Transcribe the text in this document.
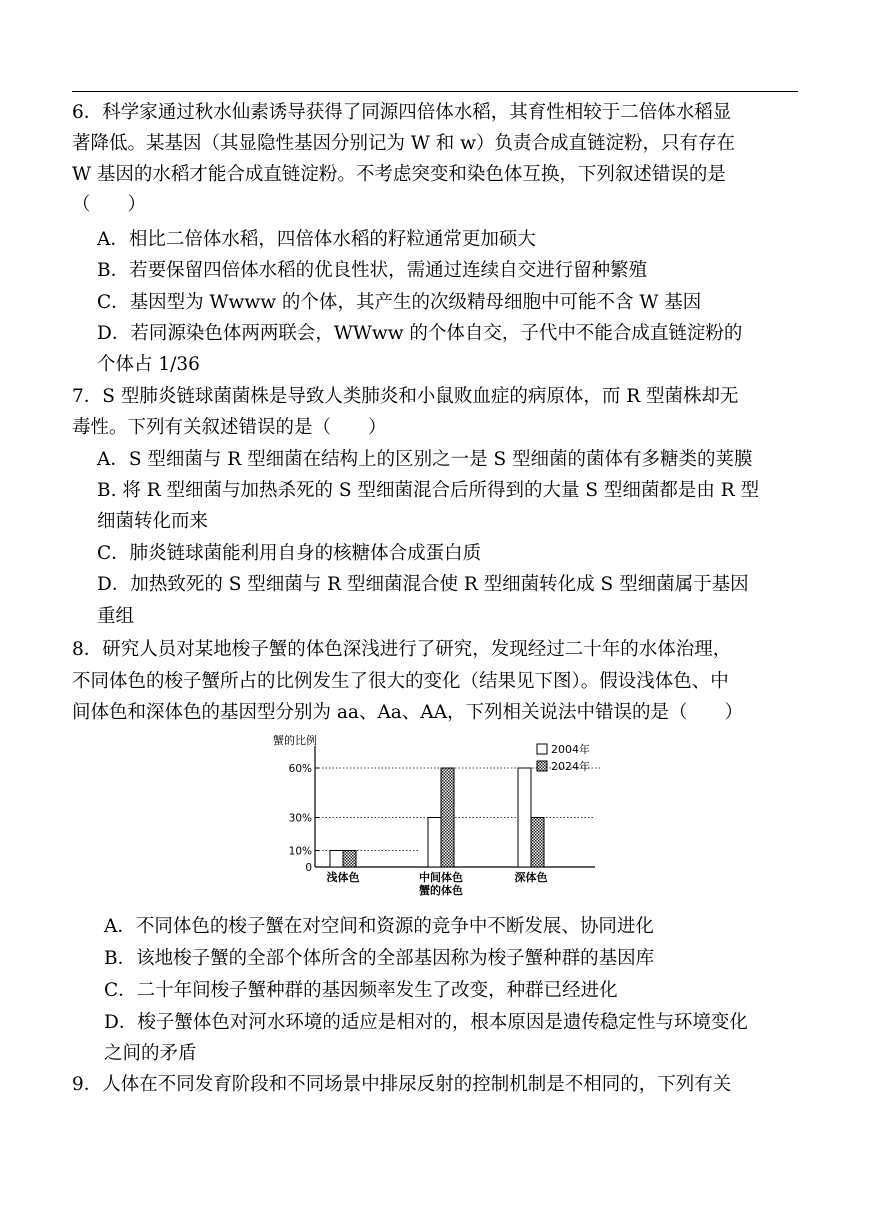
6．科学家通过秋水仙素诱导获得了同源四倍体水稻，其育性相较于二倍体水稻显
著降低。某基因（其显隐性基因分别记为 W 和 w）负责合成直链淀粉，只有存在
W 基因的水稻才能合成直链淀粉。不考虑突变和染色体互换，下列叙述错误的是
（　　）
A．相比二倍体水稻，四倍体水稻的籽粒通常更加硕大
B．若要保留四倍体水稻的优良性状，需通过连续自交进行留种繁殖
C．基因型为 Wwww 的个体，其产生的次级精母细胞中可能不含 W 基因
D．若同源染色体两两联会，WWww 的个体自交，子代中不能合成直链淀粉的
个体占 1/36
7．S 型肺炎链球菌菌株是导致人类肺炎和小鼠败血症的病原体，而 R 型菌株却无
毒性。下列有关叙述错误的是（　　）
A．S 型细菌与 R 型细菌在结构上的区别之一是 S 型细菌的菌体有多糖类的荚膜
B. 将 R 型细菌与加热杀死的 S 型细菌混合后所得到的大量 S 型细菌都是由 R 型
细菌转化而来
C．肺炎链球菌能利用自身的核糖体合成蛋白质
D．加热致死的 S 型细菌与 R 型细菌混合使 R 型细菌转化成 S 型细菌属于基因
重组
8．研究人员对某地梭子蟹的体色深浅进行了研究，发现经过二十年的水体治理，
不同体色的梭子蟹所占的比例发生了很大的变化（结果见下图）。假设浅体色、中
间体色和深体色的基因型分别为 aa、Aa、AA，下列相关说法中错误的是（　　）
A．不同体色的梭子蟹在对空间和资源的竞争中不断发展、协同进化
B．该地梭子蟹的全部个体所含的全部基因称为梭子蟹种群的基因库
C．二十年间梭子蟹种群的基因频率发生了改变，种群已经进化
D．梭子蟹体色对河水环境的适应是相对的，根本原因是遗传稳定性与环境变化
之间的矛盾
9．人体在不同发育阶段和不同场景中排尿反射的控制机制是不相同的，下列有关
蟹的比例
0
10%
30%
60%
浅体色	中间体色	深体色
蟹的体色
2004年
2024年
